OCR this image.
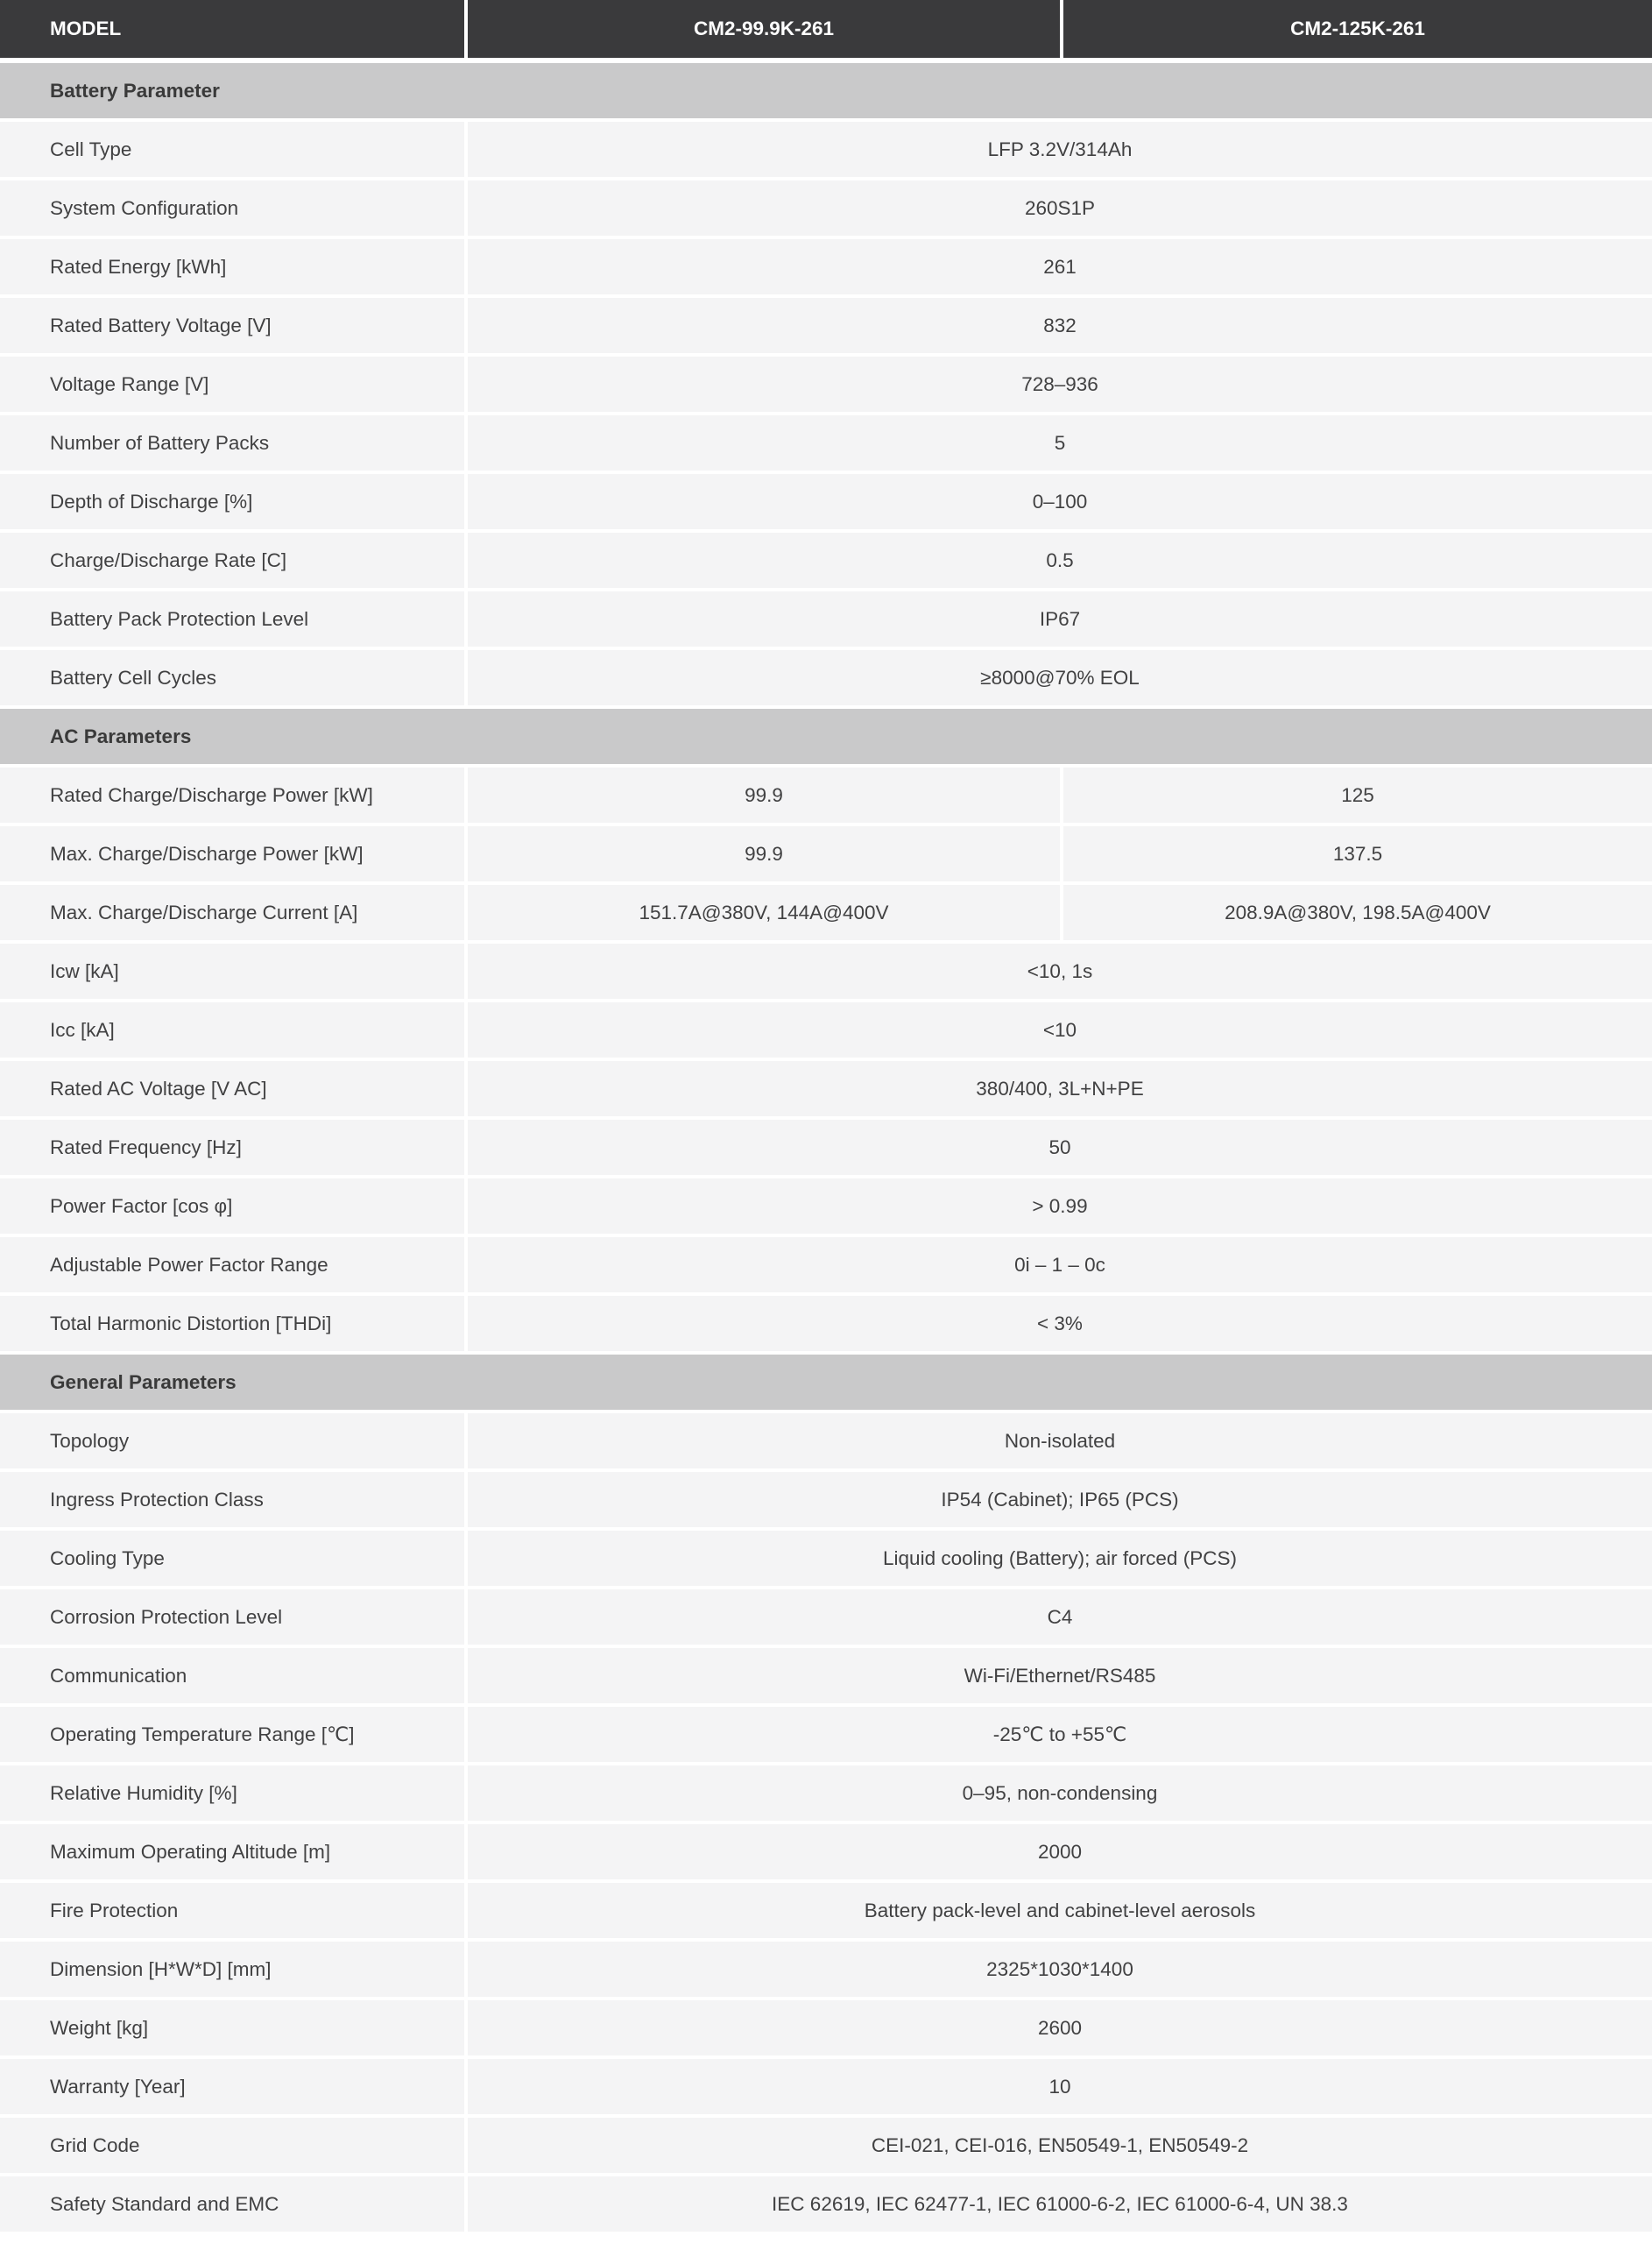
MODEL	CM2-99.9K-261	CM2-125K-261
Battery Parameter
Cell Type	LFP 3.2V/314Ah
System Configuration	260S1P
Rated Energy [kWh]	261
Rated Battery Voltage [V]	832
Voltage Range [V]	728–936
Number of Battery Packs	5
Depth of Discharge [%]	0–100
Charge/Discharge Rate [C]	0.5
Battery Pack Protection Level	IP67
Battery Cell Cycles	≥8000@70% EOL
AC Parameters
Rated Charge/Discharge Power [kW]	99.9	125
Max. Charge/Discharge Power [kW]	99.9	137.5
Max. Charge/Discharge Current [A]	151.7A@380V, 144A@400V	208.9A@380V, 198.5A@400V
Icw [kA]	<10, 1s
Icc [kA]	<10
Rated AC Voltage [V AC]	380/400, 3L+N+PE
Rated Frequency [Hz]	50
Power Factor [cos φ]	> 0.99
Adjustable Power Factor Range	0i – 1 – 0c
Total Harmonic Distortion [THDi]	< 3%
General Parameters
Topology	Non-isolated
Ingress Protection Class	IP54 (Cabinet); IP65 (PCS)
Cooling Type	Liquid cooling (Battery); air forced (PCS)
Corrosion Protection Level	C4
Communication	Wi-Fi/Ethernet/RS485
Operating Temperature Range [℃]	-25℃ to +55℃
Relative Humidity [%]	0–95, non-condensing
Maximum Operating Altitude [m]	2000
Fire Protection	Battery pack-level and cabinet-level aerosols
Dimension [H*W*D] [mm]	2325*1030*1400
Weight [kg]	2600
Warranty [Year]	10
Grid Code	CEI-021, CEI-016, EN50549-1, EN50549-2
Safety Standard and EMC	IEC 62619, IEC 62477-1, IEC 61000-6-2, IEC 61000-6-4, UN 38.3
